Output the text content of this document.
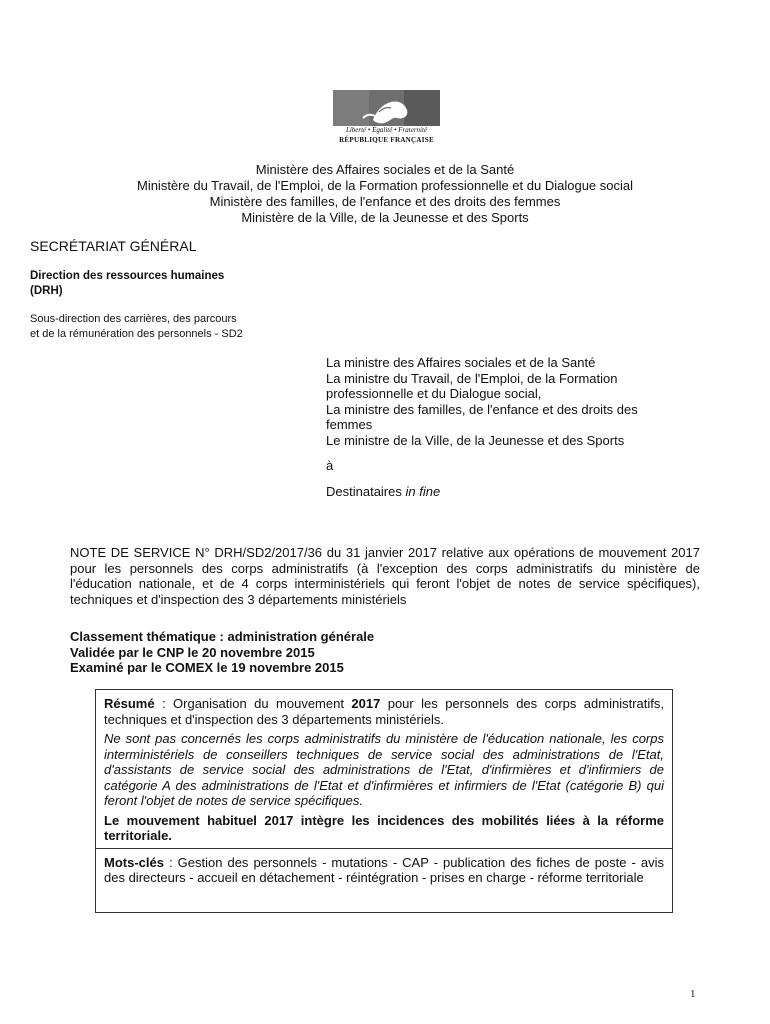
Liberté • Égalité • Fraternité
RÉPUBLIQUE FRANÇAISE
Ministère des Affaires sociales et de la Santé
Ministère du Travail, de l'Emploi, de la Formation professionnelle et du Dialogue social
Ministère des familles, de l'enfance et des droits des femmes
Ministère de la Ville, de la Jeunesse et des Sports
SECRÉTARIAT GÉNÉRAL
Direction des ressources humaines
(DRH)
Sous-direction des carrières, des parcours
et de la rémunération des personnels - SD2
La ministre des Affaires sociales et de la Santé
La ministre du Travail, de l'Emploi, de la Formation
professionnelle et du Dialogue social,
La ministre des familles, de l'enfance et des droits des
femmes
Le ministre de la Ville, de la Jeunesse et des Sports
à
Destinataires in fine
NOTE DE SERVICE N° DRH/SD2/2017/36 du 31 janvier 2017 relative aux opérations de mouvement 2017 pour les personnels des corps administratifs (à l'exception des corps administratifs du ministère de l'éducation nationale, et de 4 corps interministériels qui feront l'objet de notes de service spécifiques), techniques et d'inspection des 3 départements ministériels
Classement thématique : administration générale
Validée par le CNP le 20 novembre 2015
Examiné par le COMEX le 19 novembre 2015
Résumé : Organisation du mouvement 2017 pour les personnels des corps administratifs, techniques et d'inspection des 3 départements ministériels.
Ne sont pas concernés les corps administratifs du ministère de l'éducation nationale, les corps interministériels de conseillers techniques de service social des administrations de l'Etat, d'assistants de service social des administrations de l'Etat, d'infirmières et d'infirmiers de catégorie A des administrations de l'Etat et d'infirmières et infirmiers de l'Etat (catégorie B) qui feront l'objet de notes de service spécifiques.
Le mouvement habituel 2017 intègre les incidences des mobilités liées à la réforme territoriale.
Mots-clés : Gestion des personnels - mutations - CAP - publication des fiches de poste - avis des directeurs - accueil en détachement - réintégration - prises en charge - réforme territoriale
1
